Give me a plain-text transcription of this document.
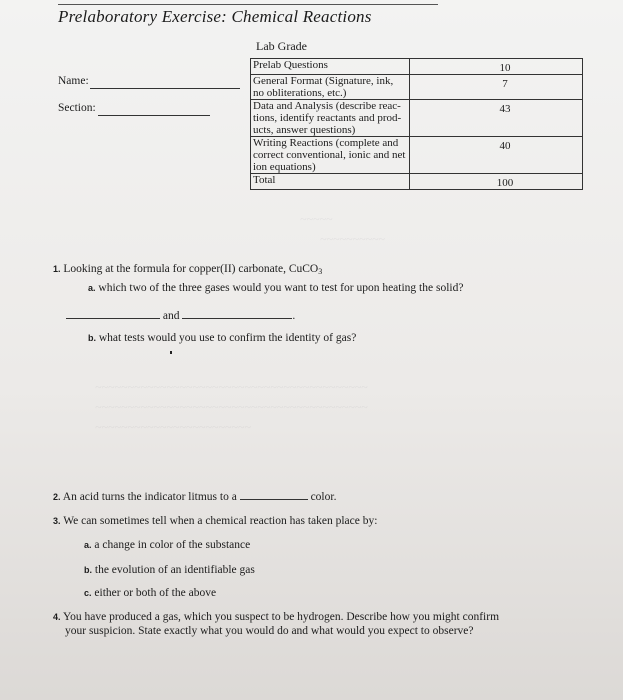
Prelaboratory Exercise: Chemical Reactions
~~~~~
~~~~~~~~~~
~~~~~~~~~~~~~~~~~~~~~~~~~~~~~~~~~~~~~~~~~~
~~~~~~~~~~~~~~~~~~~~~~~~~~~~~~~~~~~~~~~~~~
~~~~~~~~~~~~~~~~~~~~~~~~
Lab Grade
Name:
Section:
Prelab Questions	10

General Format (Signature, ink,
no obliterations, etc.)	7

Data and Analysis (describe reac-
tions, identify reactants and prod-
ucts, answer questions)	43

Writing Reactions (complete and
correct conventional, ionic and net
ion equations)	40

Total	100
1. Looking at the formula for copper(II) carbonate, CuCO$_3$
a. which two of the three gases would you want to test for upon heating the solid?
and	.
b. what tests would you use to confirm the identity of gas?
2. An acid turns the indicator litmus to a	color.
3. We can sometimes tell when a chemical reaction has taken place by:
a. a change in color of the substance
b. the evolution of an identifiable gas
c. either or both of the above
4. You have produced a gas, which you suspect to be hydrogen. Describe how you might confirm
your suspicion. State exactly what you would do and what would you expect to observe?
